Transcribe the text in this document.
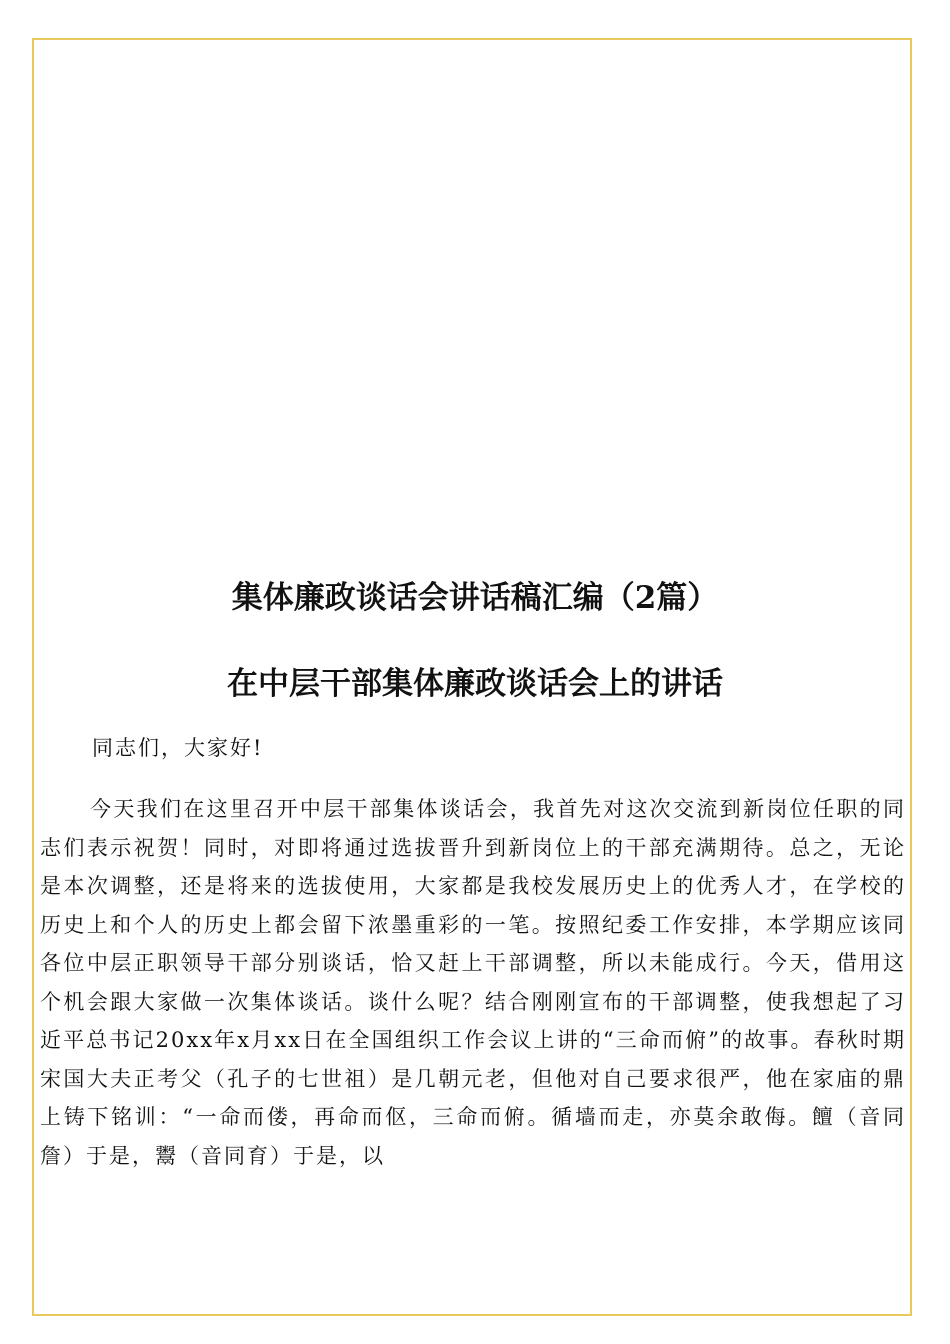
集体廉政谈话会讲话稿汇编（2篇）
在中层干部集体廉政谈话会上的讲话
同志们，大家好!
今天我们在这里召开中层干部集体谈话会，我首先对这次交流到新岗位任职的同志们表示祝贺！同时，对即将通过选拔晋升到新岗位上的干部充满期待。总之，无论是本次调整，还是将来的选拔使用，大家都是我校发展历史上的优秀人才，在学校的历史上和个人的历史上都会留下浓墨重彩的一笔。按照纪委工作安排，本学期应该同各位中层正职领导干部分别谈话，恰又赶上干部调整，所以未能成行。今天，借用这个机会跟大家做一次集体谈话。谈什么呢？结合刚刚宣布的干部调整，使我想起了习近平总书记20xx年x月xx日在全国组织工作会议上讲的“三命而俯”的故事。春秋时期宋国大夫正考父（孔子的七世祖）是几朝元老，但他对自己要求很严，他在家庙的鼎上铸下铭训：“一命而偻，再命而伛，三命而俯。循墙而走，亦莫余敢侮。饘（音同詹）于是，鬻（音同育）于是，以
